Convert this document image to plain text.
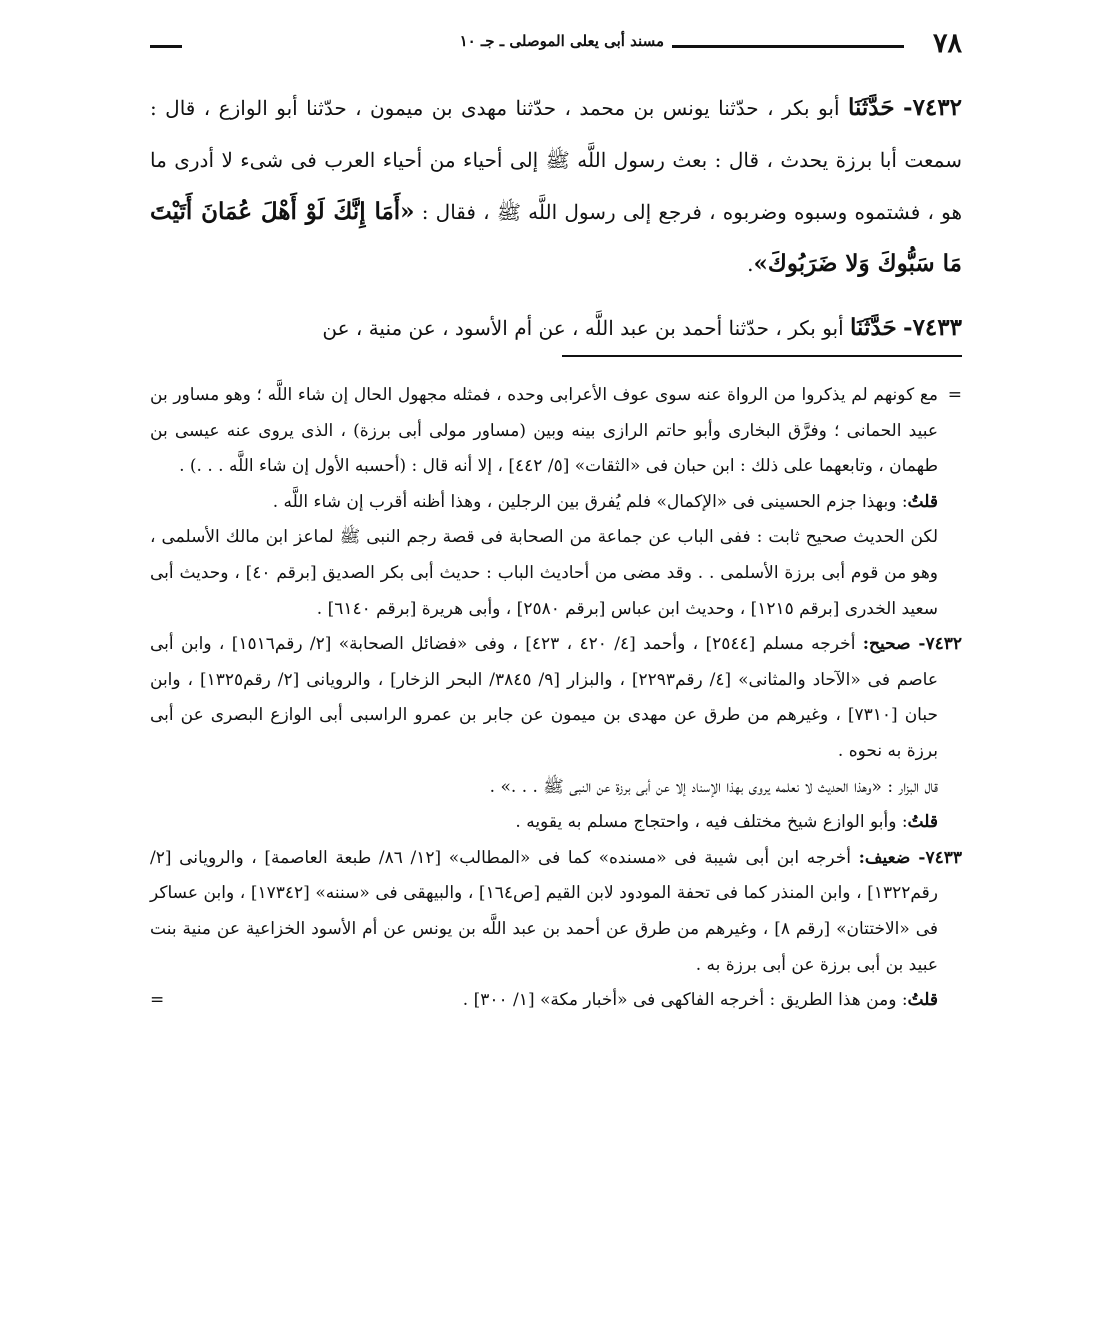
٧٨
مسند أبى يعلى الموصلى ـ جـ ١٠

٧٤٣٢- حَدَّثَنَا أبو بكر ، حدّثنا يونس بن محمد ، حدّثنا مهدى بن ميمون ، حدّثنا أبو الوازع ، قال : سمعت أبا برزة يحدث ، قال : بعث رسول اللَّه ﷺ إلى أحياء من أحياء العرب فى شىء لا أدرى ما هو ، فشتموه وسبوه وضربوه ، فرجع إلى رسول اللَّه ﷺ ، فقال : «أَمَا إِنَّكَ لَوْ أَهْلَ عُمَانَ أَتَيْتَ مَا سَبُّوكَ وَلا ضَرَبُوكَ».

٧٤٣٣- حَدَّثَنَا أبو بكر ، حدّثنا أحمد بن عبد اللَّه ، عن أم الأسود ، عن منية ، عن

=
مع كونهم لم يذكروا من الرواة عنه سوى عوف الأعرابى وحده ، فمثله مجهول الحال إن شاء اللَّه ؛ وهو مساور بن عبيد الحمانى ؛ وفرَّق البخارى وأبو حاتم الرازى بينه وبين (مساور مولى أبى برزة) ، الذى يروى عنه عيسى بن طهمان ، وتابعهما على ذلك : ابن حبان فى «الثقات» [٥/ ٤٤٢] ، إلا أنه قال : (أحسبه الأول إن شاء اللَّه . . .) .

قلتُ: وبهذا جزم الحسينى فى «الإكمال» فلم يُفرق بين الرجلين ، وهذا أظنه أقرب إن شاء اللَّه .

لكن الحديث صحيح ثابت : ففى الباب عن جماعة من الصحابة فى قصة رجم النبى ﷺ لماعز ابن مالك الأسلمى ، وهو من قوم أبى برزة الأسلمى . . وقد مضى من أحاديث الباب : حديث أبى بكر الصديق [برقم ٤٠] ، وحديث أبى سعيد الخدرى [برقم ١٢١٥] ، وحديث ابن عباس [برقم ٢٥٨٠] ، وأبى هريرة [برقم ٦١٤٠] .

٧٤٣٢- صحيح: أخرجه مسلم [٢٥٤٤] ، وأحمد [٤/ ٤٢٠ ، ٤٢٣] ، وفى «فضائل الصحابة» [٢/ رقم١٥١٦] ، وابن أبى عاصم فى «الآحاد والمثانى» [٤/ رقم٢٢٩٣] ، والبزار [٩/ ٣٨٤٥/ البحر الزخار] ، والرويانى [٢/ رقم١٣٢٥] ، وابن حبان [٧٣١٠] ، وغيرهم من طرق عن مهدى بن ميمون عن جابر بن عمرو الراسبى أبى الوازع البصرى عن أبى برزة به نحوه .

قال البزار : «وهذا الحديث لا نعلمه يروى بهذا الإسناد إلا عن أبى برزة عن النبى ﷺ . . .» .

قلتُ: وأبو الوازع شيخ مختلف فيه ، واحتجاج مسلم به يقويه .

٧٤٣٣- ضعيف: أخرجه ابن أبى شيبة فى «مسنده» كما فى «المطالب» [١٢/ ٨٦/ طبعة العاصمة] ، والرويانى [٢/ رقم١٣٢٢] ، وابن المنذر كما فى تحفة المودود لابن القيم [ص١٦٤] ، والبيهقى فى «سننه» [١٧٣٤٢] ، وابن عساكر فى «الاختتان» [رقم ٨] ، وغيرهم من طرق عن أحمد بن عبد اللَّه بن يونس عن أم الأسود الخزاعية عن منية بنت عبيد بن أبى برزة عن أبى برزة به .

قلتُ: ومن هذا الطريق : أخرجه الفاكهى فى «أخبار مكة» [١/ ٣٠٠] .
=
